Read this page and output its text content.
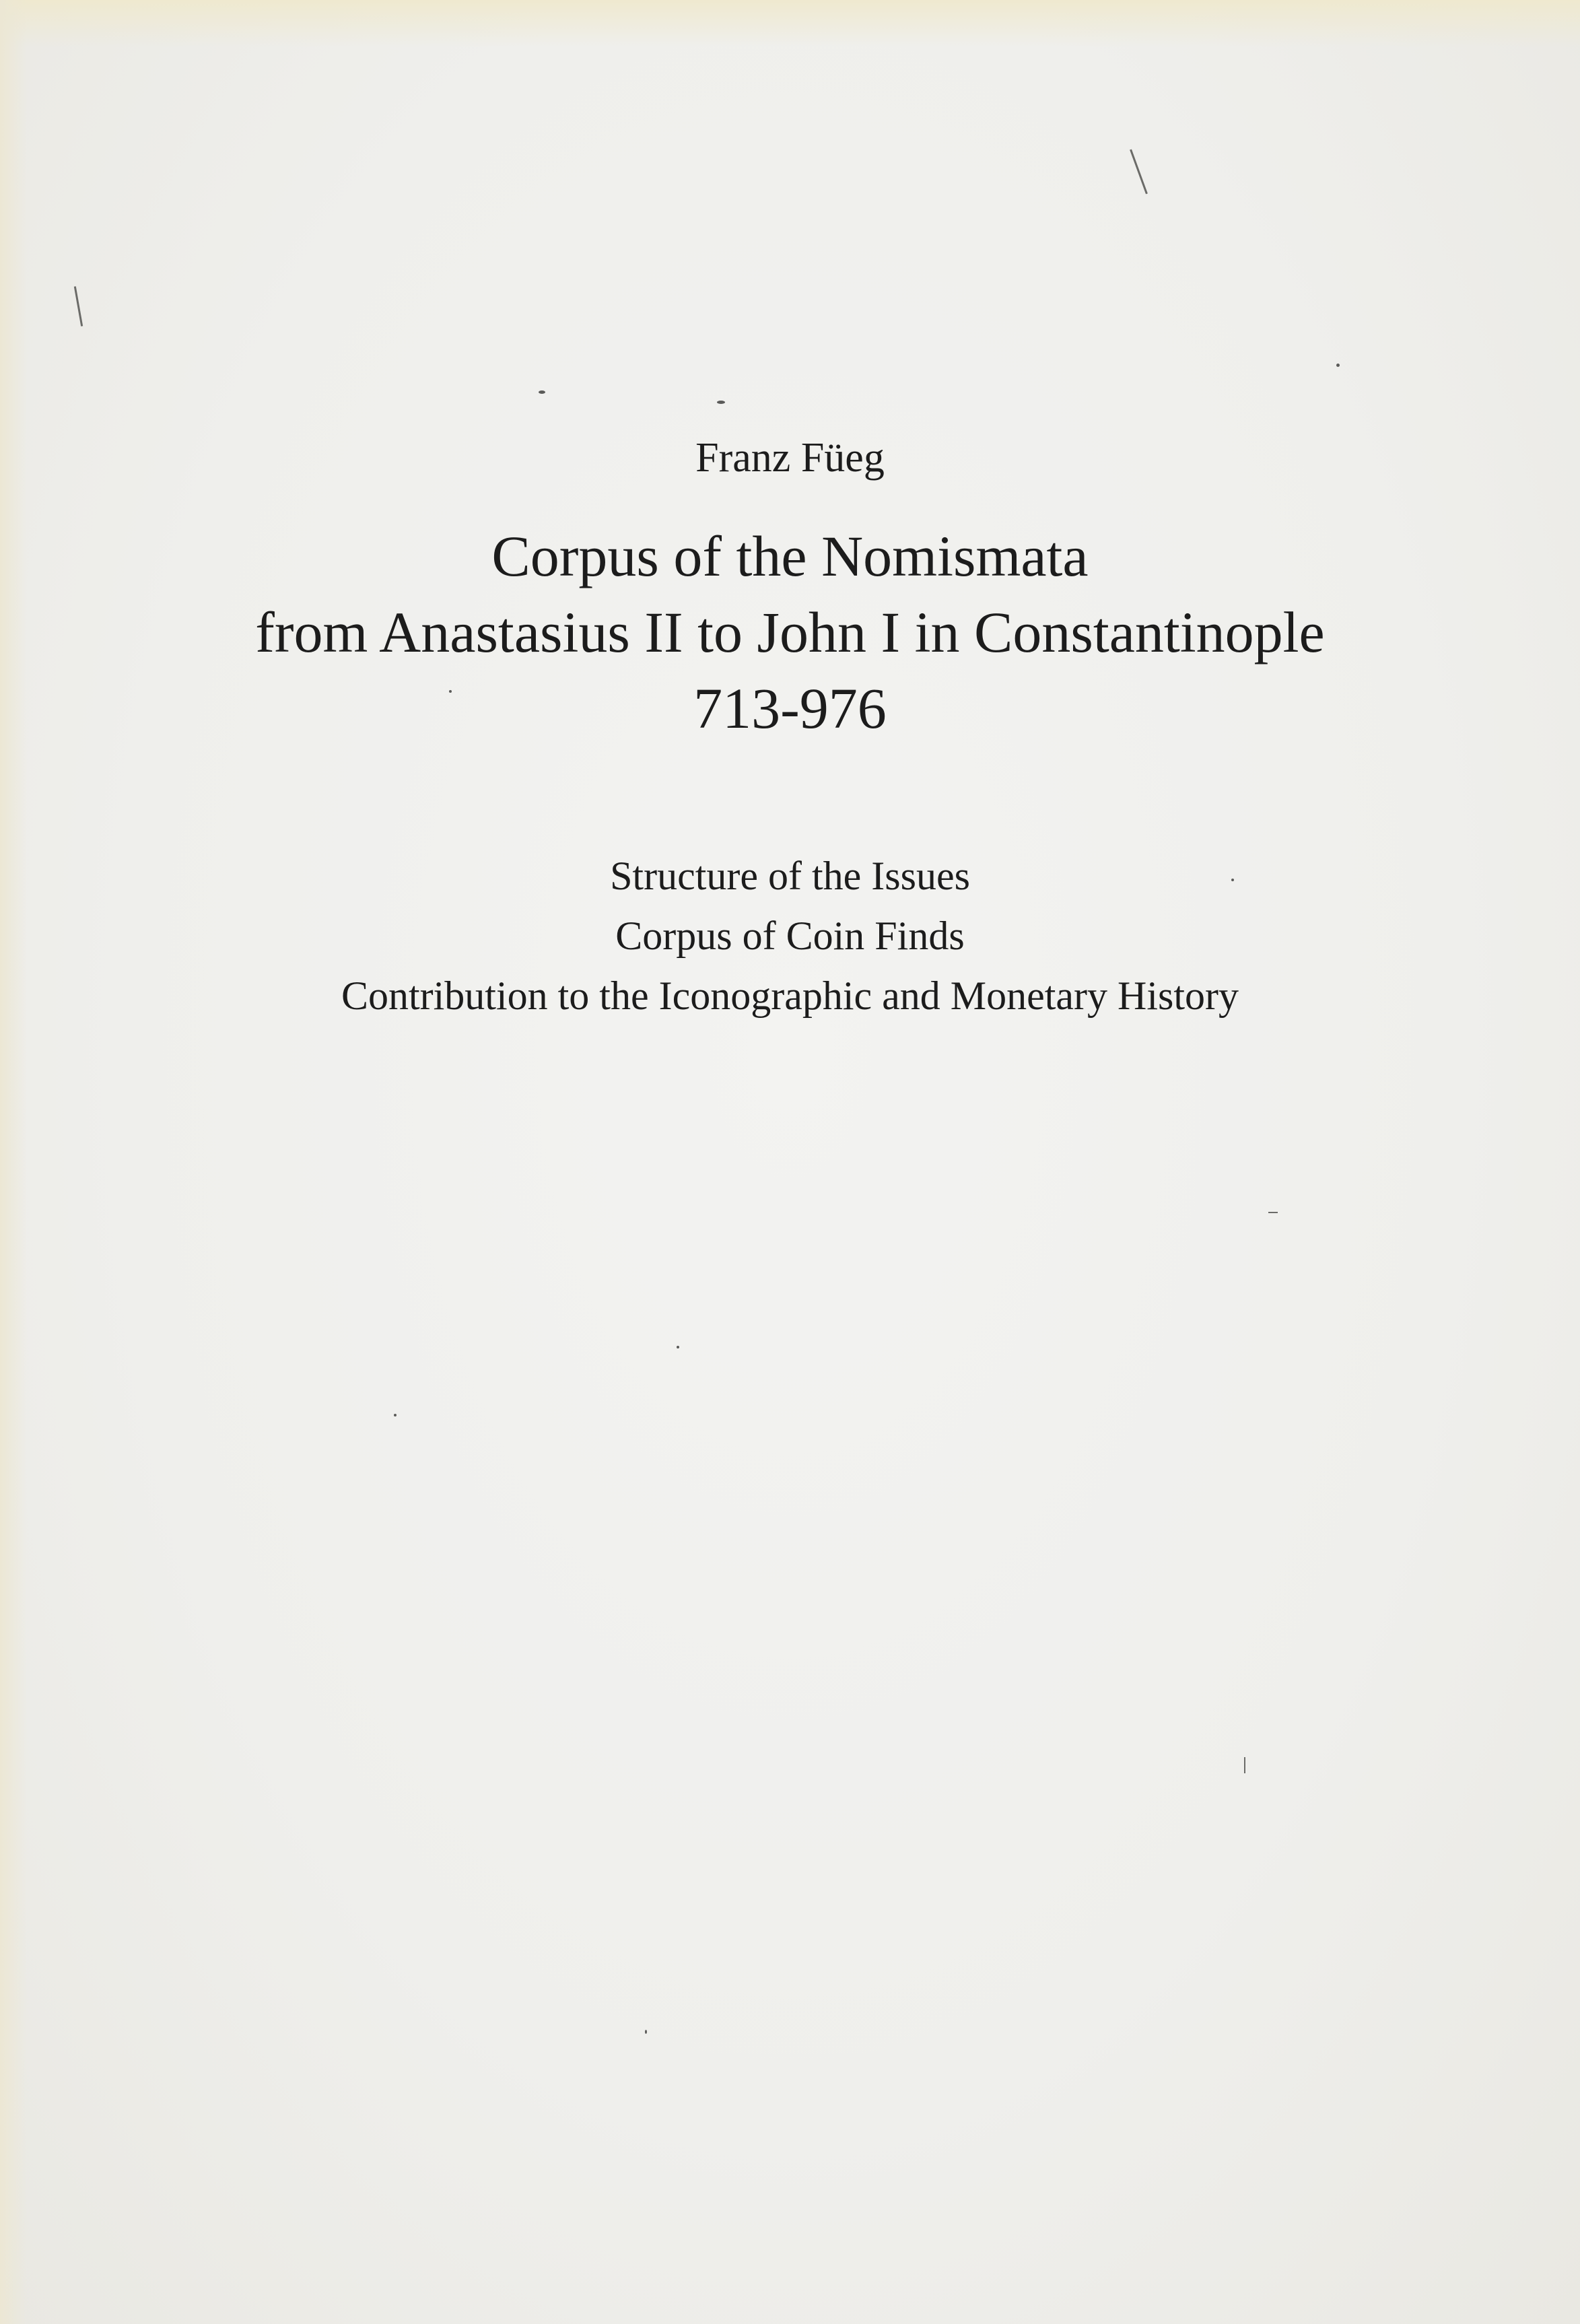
Franz Füeg
Corpus of the Nomismata
from Anastasius II to John I in Constantinople
713-976
Structure of the Issues
Corpus of Coin Finds
Contribution to the Iconographic and Monetary History
